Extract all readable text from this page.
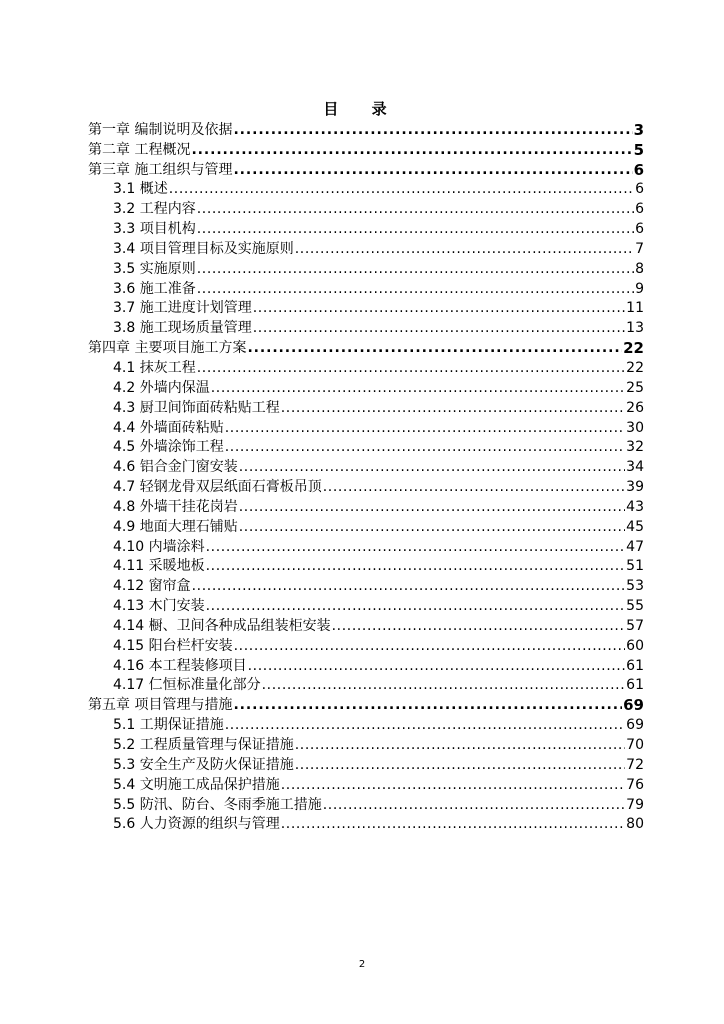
目 录
第一章 编制说明及依据 .....	3
第二章 工程概况 .....	5
第三章 施工组织与管理 .....	6
3.1 概述 .....	6
3.2 工程内容 .....	6
3.3 项目机构 .....	6
3.4 项目管理目标及实施原则 .....	7
3.5 实施原则 .....	8
3.6 施工准备 .....	9
3.7 施工进度计划管理 .....	11
3.8 施工现场质量管理 .....	13
第四章 主要项目施工方案 .....	22
4.1 抹灰工程 .....	22
4.2 外墙内保温 .....	25
4.3 厨卫间饰面砖粘贴工程 .....	26
4.4 外墙面砖粘贴 .....	30
4.5 外墙涂饰工程 .....	32
4.6 铝合金门窗安装 .....	34
4.7 轻钢龙骨双层纸面石膏板吊顶 .....	39
4.8 外墙干挂花岗岩 .....	43
4.9 地面大理石铺贴 .....	45
4.10 内墙涂料 .....	47
4.11 采暖地板 .....	51
4.12 窗帘盒 .....	53
4.13 木门安装 .....	55
4.14 橱、卫间各种成品组装柜安装 .....	57
4.15 阳台栏杆安装 .....	60
4.16 本工程装修项目 .....	61
4.17 仁恒标准量化部分 .....	61
第五章 项目管理与措施 .....	69
5.1 工期保证措施 .....	69
5.2 工程质量管理与保证措施 .....	70
5.3 安全生产及防火保证措施 .....	72
5.4 文明施工成品保护措施 .....	76
5.5 防汛、防台、冬雨季施工措施 .....	79
5.6 人力资源的组织与管理 .....	80
2
